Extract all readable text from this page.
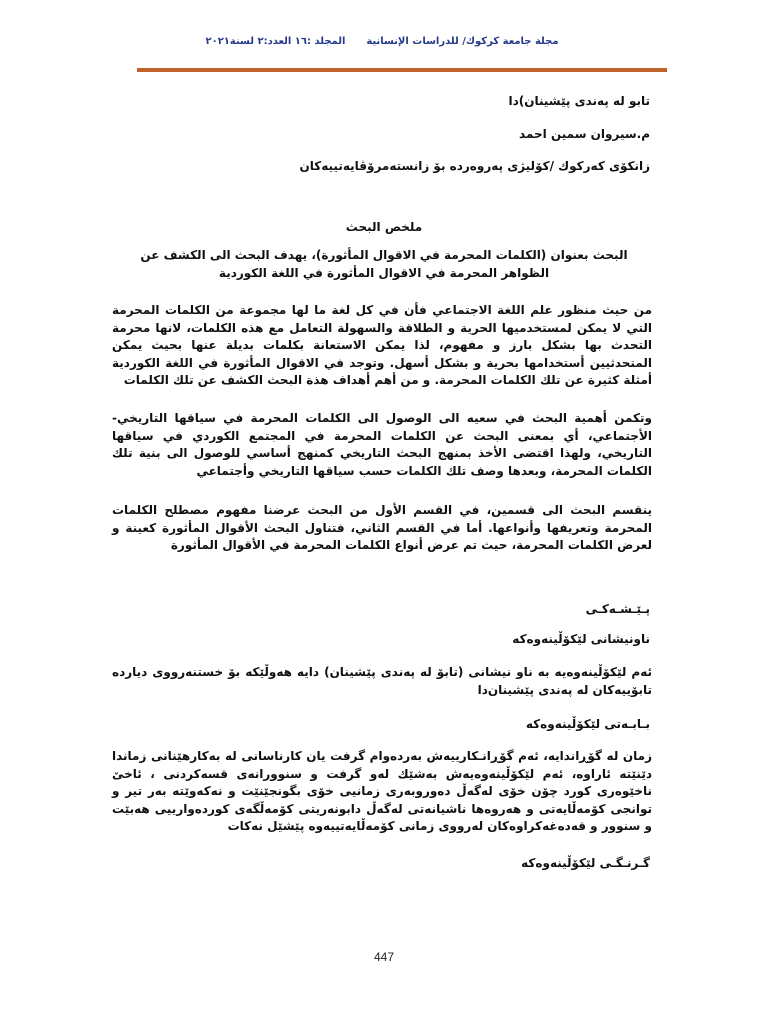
مجلة جامعة كركوك/ للدراسات الإنسانية      المجلد :١٦ العدد:٢ لسنة٢٠٢١
تابو لە پەندی پێشینان)دا
م.سيروان سمين احمد
زانكۆی كەركوك /كۆلیژی پەروەردە بۆ زانستەمرۆڤایەتییەكان
ملخص البحث
البحث بعنوان (الكلمات المحرمة في الاقوال المأثورة)، يهدف البحث الى الكشف عن الظواهر المحرمة في الاقوال المأثورة في اللغة الكوردية
من حيث منظور علم اللغة الاجتماعي فأن في كل لغة ما لها مجموعة من الكلمات المحرمة التي لا يمكن لمستخدميها الحرية و الطلاقة والسهولة التعامل مع هذه الكلمات، لانها محرمة التحدث بها بشكل بارز و مفهوم، لذا يمكن الاستعانة بكلمات بديلة عنها بحيث يمكن المتحدثيين أستخدامها بحرية و بشكل أسهل. وتوجد في الاقوال المأثورة في اللغة الكوردية أمثلة كثيرة عن تلك الكلمات المحرمة. و من أهم أهداف هذة البحث الكشف عن تلك الكلمات
وتكمن أهمية البحث في سعيه الى الوصول الى الكلمات المحرمة في سياقها التاريخي-الأجتماعي، أي بمعنى البحث عن الكلمات المحرمة في المجتمع الكوردي في سياقها التاريخي، ولهذا اقتضى الأخذ بمنهج البحث التاريخي كمنهج أساسي للوصول الى بنية تلك الكلمات المحرمة، وبعدها وصف تلك الكلمات حسب سياقها التاريخي وأجتماعي
ينقسم البحث الى قسمين، في القسم الأول من البحث عرضنا مفهوم مصطلح الكلمات المحرمة وتعريفها وأنواعها. أما في القسم الثاني، فتناول البحث الأقوال المأثورة كعينة و لعرض الكلمات المحرمة، حيث تم عرض أنواع الكلمات المحرمة في الأقوال المأثورة
پـێـشـەكـی
ناونیشانی لێكۆڵینەوەكە
ئەم لێكۆڵینەوەیە بە ناو نیشانی (تابۆ لە پەندی پێشینان) دایە هەوڵێكە بۆ خستنەرووی دیاردە تابۆییەكان لە پەندی پێشینان‌دا
بـابـەتی لێكۆڵینەوەكە
زمان لە گۆڕاندایە، ئەم گۆڕانـكارییەش بەردەوام گرفت یان كارناسانی لە بەكارهێنانی زماندا دێنێتە ئاراوە، ئەم لێكۆڵینەوەیەش بەشێك لەو گرفت و سنوورانەی قسەكردنی ، ئاخێ ناخێوەری كورد چۆن خۆی لەگەڵ دەوروبەری زمانیی خۆی بگونجێنێت و نەكەوێتە بەر تیر و توانجی كۆمەڵایەتی و هەروەها ناشیانەتی لەگەڵ دابونەریتی كۆمەڵگەی كوردەوارییی هەبێت و سنوور و قەدەغەكراوەكان لەرووی زمانی كۆمەڵایەتییەوە پێشێل نەكات
گـرنـگـی لێكۆڵینەوەكە
447
